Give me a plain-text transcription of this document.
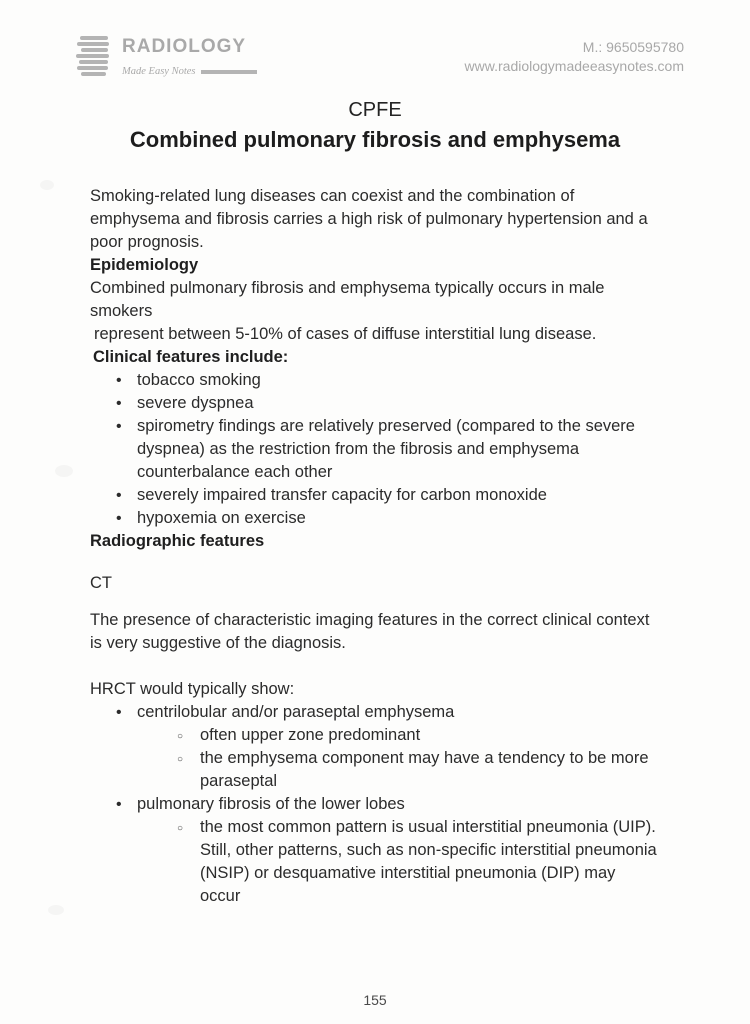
RADIOLOGY
Made Easy Notes
M.: 9650595780
www.radiologymadeeasynotes.com
CPFE
Combined pulmonary fibrosis and emphysema

Smoking-related lung diseases can coexist and the combination of emphysema and fibrosis carries a high risk of pulmonary hypertension and a poor prognosis.

Epidemiology

Combined pulmonary fibrosis and emphysema typically occurs in male smokers

represent between 5-10% of cases of diffuse interstitial lung disease.

Clinical features include:
• tobacco smoking
• severe dyspnea
• spirometry findings are relatively preserved (compared to the severe dyspnea) as the restriction from the fibrosis and emphysema counterbalance each other
• severely impaired transfer capacity for carbon monoxide
• hypoxemia on exercise
Radiographic features

CT

The presence of characteristic imaging features in the correct clinical context is very suggestive of the diagnosis.

HRCT would typically show:

• centrilobular and/or paraseptal emphysema
○ often upper zone predominant
○ the emphysema component may have a tendency to be more paraseptal
• pulmonary fibrosis of the lower lobes
○ the most common pattern is usual interstitial pneumonia (UIP). Still, other patterns, such as non-specific interstitial pneumonia (NSIP) or desquamative interstitial pneumonia (DIP) may occur
155
